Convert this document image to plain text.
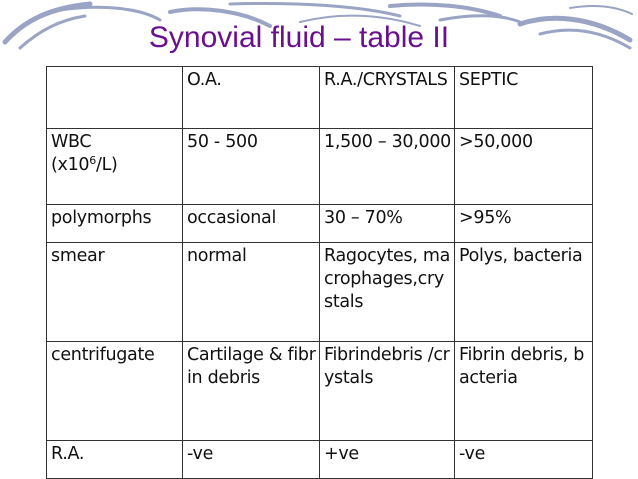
Synovial fluid – table II
	O.A.	R.A./CRYSTALS	SEPTIC
WBC
$(x10^6/L)$	50 - 500	1,500 – 30,000	>50,000
polymorphs	occasional	30 – 70%	>95%
smear	normal	Ragocytes, macrophages,crystals	Polys, bacteria
centrifugate	Cartilage & fibrin debris	Fibrindebris /crystals	Fibrin debris, bacteria
R.A.	-ve	+ve	-ve
